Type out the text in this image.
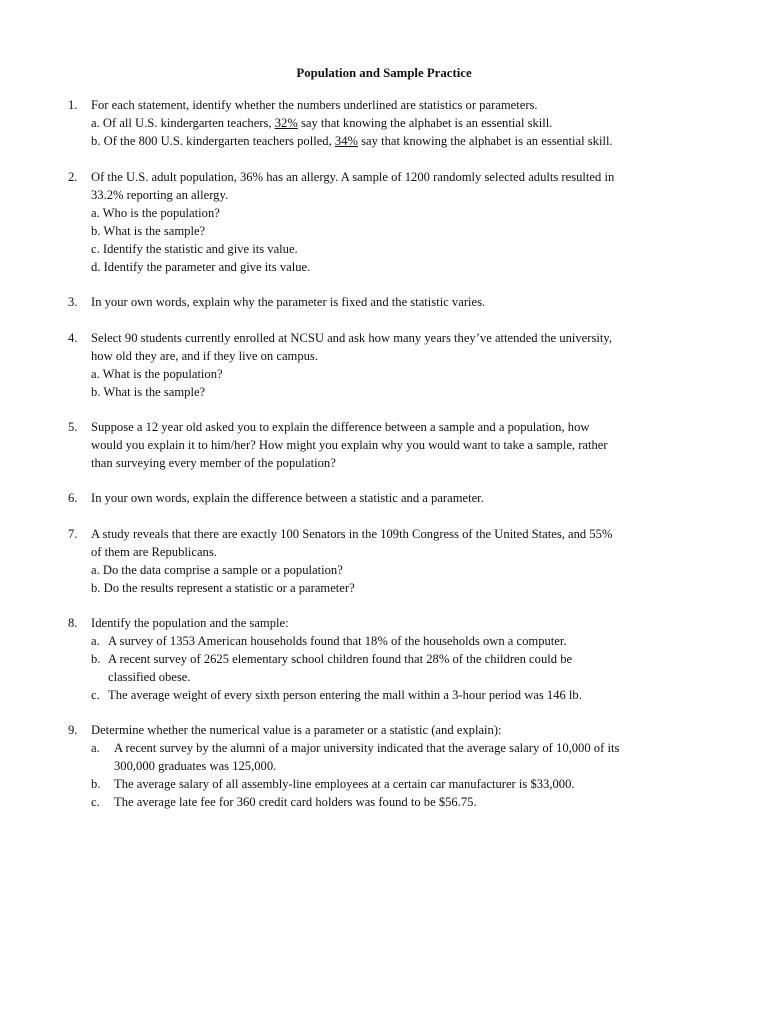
Population and Sample Practice
1. For each statement, identify whether the numbers underlined are statistics or parameters.
a. Of all U.S. kindergarten teachers, 32% say that knowing the alphabet is an essential skill.
b. Of the 800 U.S. kindergarten teachers polled, 34% say that knowing the alphabet is an essential skill.
2. Of the U.S. adult population, 36% has an allergy. A sample of 1200 randomly selected adults resulted in
33.2% reporting an allergy.
a. Who is the population?
b. What is the sample?
c. Identify the statistic and give its value.
d. Identify the parameter and give its value.
3. In your own words, explain why the parameter is fixed and the statistic varies.
4. Select 90 students currently enrolled at NCSU and ask how many years they’ve attended the university,
how old they are, and if they live on campus.
a. What is the population?
b. What is the sample?
5. Suppose a 12 year old asked you to explain the difference between a sample and a population, how
would you explain it to him/her? How might you explain why you would want to take a sample, rather
than surveying every member of the population?
6. In your own words, explain the difference between a statistic and a parameter.
7. A study reveals that there are exactly 100 Senators in the 109th Congress of the United States, and 55%
of them are Republicans.
a. Do the data comprise a sample or a population?
b. Do the results represent a statistic or a parameter?
8. Identify the population and the sample:
a. A survey of 1353 American households found that 18% of the households own a computer.
b. A recent survey of 2625 elementary school children found that 28% of the children could be
classified obese.
c. The average weight of every sixth person entering the mall within a 3-hour period was 146 lb.
9. Determine whether the numerical value is a parameter or a statistic (and explain):
a.	A recent survey by the alumni of a major university indicated that the average salary of 10,000 of its
300,000 graduates was 125,000.
b.	The average salary of all assembly-line employees at a certain car manufacturer is $33,000.
c.	The average late fee for 360 credit card holders was found to be $56.75.
